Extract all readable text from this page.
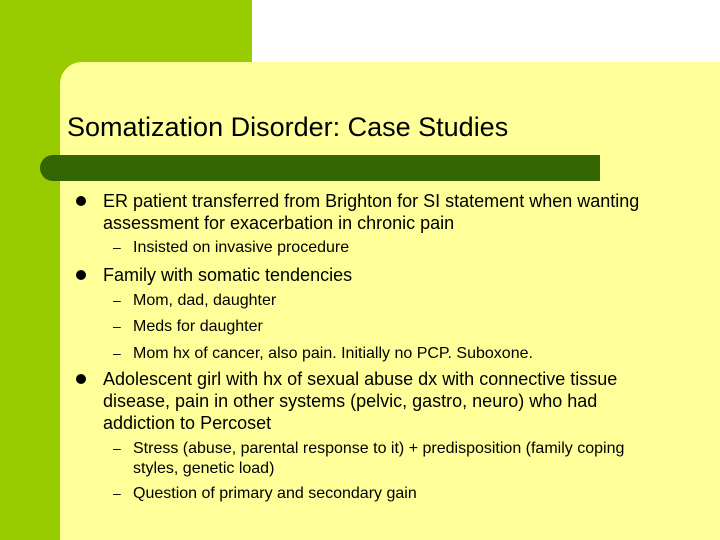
Somatization Disorder: Case Studies
ER patient transferred from Brighton for SI statement when wanting assessment for exacerbation in chronic pain
– Insisted on invasive procedure
Family with somatic tendencies
– Mom, dad, daughter
– Meds for daughter
– Mom hx of cancer, also pain. Initially no PCP. Suboxone.
Adolescent girl with hx of sexual abuse dx with connective tissue disease, pain in other systems (pelvic, gastro, neuro) who had addiction to Percoset
– Stress (abuse, parental response to it) + predisposition (family coping styles, genetic load)
– Question of primary and secondary gain
